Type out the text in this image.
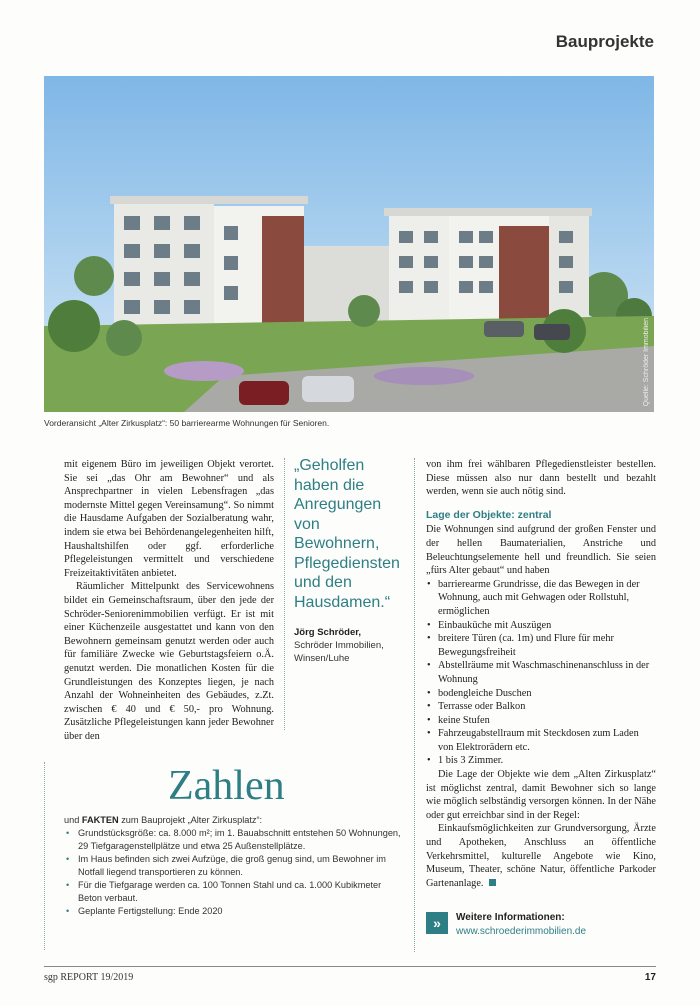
Bauprojekte
Quelle: Schröder Immobilien
Vorderansicht „Alter Zirkusplatz“: 50 barrierearme Wohnungen für Senioren.

mit eigenem Büro im jeweiligen Objekt verortet. Sie sei „das Ohr am Bewohner“ und als Ansprechpartner in vielen Lebensfragen „das modernste Mittel gegen Vereinsamung“. So nimmt die Hausdame Aufgaben der Sozialberatung wahr, indem sie etwa bei Behördenangelegenheiten hilft, Haushaltshilfen oder ggf. erforderliche Pflegeleistungen vermittelt und verschiedene Freizeitaktivitäten anbietet.

Räumlicher Mittelpunkt des Servicewohnens bildet ein Gemeinschaftsraum, über den jede der Schröder-Seniorenimmobilien verfügt. Er ist mit einer Küchenzeile ausgestattet und kann von den Bewohnern gemeinsam genutzt werden oder auch für familiäre Zwecke wie Geburtstagsfeiern o.Ä. genutzt werden. Die monatlichen Kosten für die Grundleistungen des Konzeptes liegen, je nach Anzahl der Wohneinheiten des Gebäudes, z.Zt. zwischen € 40 und € 50,- pro Wohnung. Zusätzliche Pflegeleistungen kann jeder Bewohner über den

„Geholfen haben die Anregungen von Bewohnern, Pflegediensten und den Hausdamen.“
Jörg Schröder,
Schröder Immobilien, Winsen/Luhe

von ihm frei wählbaren Pflegedienstleister bestellen. Diese müssen also nur dann bestellt und bezahlt werden, wenn sie auch nötig sind.

Lage der Objekte: zentral

Die Wohnungen sind aufgrund der großen Fenster und der hellen Baumaterialien, Anstriche und Beleuchtungselemente hell und freundlich. Sie seien „fürs Alter gebaut“ und haben

• barrierearme Grundrisse, die das Bewegen in der Wohnung, auch mit Gehwagen oder Rollstuhl, ermöglichen
• Einbauküche mit Auszügen
• breitere Türen (ca. 1m) und Flure für mehr Bewegungsfreiheit
• Abstellräume mit Waschmaschinenanschluss in der Wohnung
• bodengleiche Duschen
• Terrasse oder Balkon
• keine Stufen
• Fahrzeugabstellraum mit Steckdosen zum Laden von Elektrorädern etc.
• 1 bis 3 Zimmer.

Die Lage der Objekte wie dem „Alten Zirkusplatz“ ist möglichst zentral, damit Bewohner sich so lange wie möglich selbständig versorgen können. In der Nähe oder gut erreichbar sind in der Regel:

Einkaufsmöglichkeiten zur Grundversorgung, Ärzte und Apotheken, Anschluss an öffentliche Verkehrsmittel, kulturelle Angebote wie Kino, Museum, Theater, schöne Natur, öffentliche Parkoder Gartenanlage.

Zahlen
und FAKTEN zum Bauprojekt „Alter Zirkusplatz“:
• Grundstücksgröße: ca. 8.000 m²; im 1. Bauabschnitt entstehen 50 Wohnungen, 29 Tiefgaragenstellplätze und etwa 25 Außenstellplätze.
• Im Haus befinden sich zwei Aufzüge, die groß genug sind, um Bewohner im Notfall liegend transportieren zu können.
• Für die Tiefgarage werden ca. 100 Tonnen Stahl und ca. 1.000 Kubikmeter Beton verbaut.
• Geplante Fertigstellung: Ende 2020
»	Weitere Informationen:
www.schroederimmobilien.de
sgp REPORT 19/2019	17
